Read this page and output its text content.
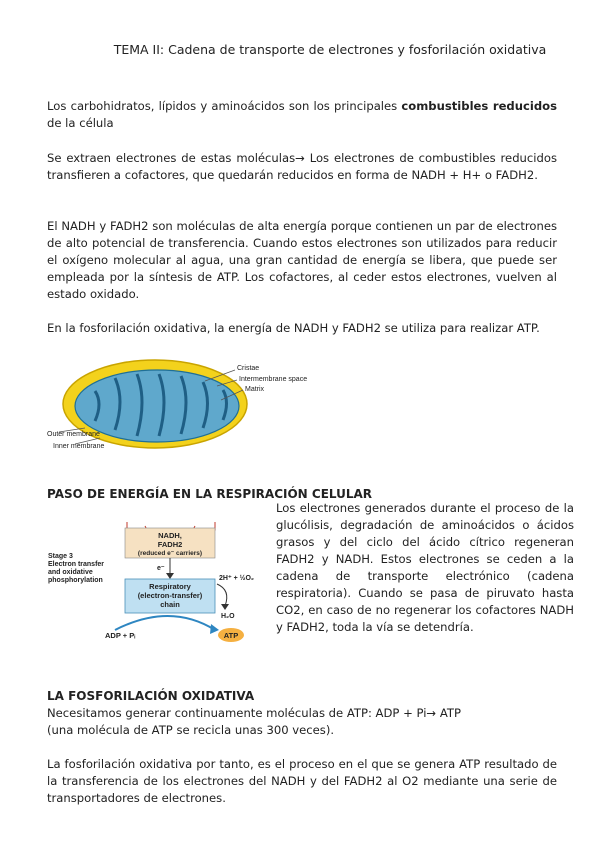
TEMA II: Cadena de transporte de electrones y fosforilación oxidativa
Los carbohidratos, lípidos y aminoácidos son los principales combustibles reducidos de la célula
Se extraen electrones de estas moléculas→ Los electrones de combustibles reducidos transfieren a cofactores, que quedarán reducidos en forma de NADH + H+ o FADH2.
El NADH y FADH2 son moléculas de alta energía porque contienen un par de electrones de alto potencial de transferencia. Cuando estos electrones son utilizados para reducir el oxígeno molecular al agua, una gran cantidad de energía se libera, que puede ser empleada por la síntesis de ATP. Los cofactores, al ceder estos electrones, vuelven al estado oxidado.
En la fosforilación oxidativa, la energía de NADH y FADH2 se utiliza para realizar ATP.
Cristae
Intermembrane space
Matrix
Outer membrane
Inner membrane
PASO DE ENERGÍA EN LA RESPIRACIÓN CELULAR
Stage 3
Electron transfer
and oxidative
phosphorylation
NADH,
FADH2
(reduced e⁻ carriers)
e⁻
Respiratory
(electron-transfer)
chain
2H⁺ + ½O₂
H₂O
ADP + Pᵢ	ATP
Los electrones generados durante el proceso de la glucólisis, degradación de aminoácidos o ácidos grasos y del ciclo del ácido cítrico regeneran FADH2 y NADH. Estos electrones se ceden a la cadena de transporte electrónico (cadena respiratoria). Cuando se pasa de piruvato hasta CO2, en caso de no regenerar los cofactores NADH y FADH2, toda la vía se detendría.
LA FOSFORILACIÓN OXIDATIVA
Necesitamos generar continuamente moléculas de ATP: ADP + Pi→ ATP
(una molécula de ATP se recicla unas 300 veces).
La fosforilación oxidativa por tanto, es el proceso en el que se genera ATP resultado de la transferencia de los electrones del NADH y del FADH2 al O2 mediante una serie de transportadores de electrones.
